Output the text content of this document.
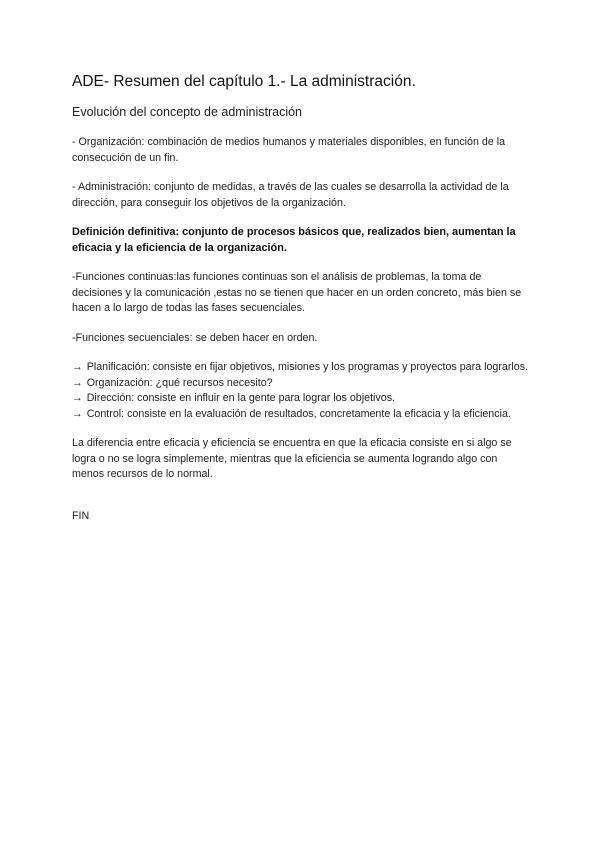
ADE- Resumen del capítulo 1.- La administración.
Evolución del concepto de administración

- Organización: combinación de medios humanos y materiales disponibles, en función de la consecución de un fin.

- Administración: conjunto de medidas, a través de las cuales se desarrolla la actividad de la dirección, para conseguir los objetivos de la organización.

Definición definitiva: conjunto de procesos básicos que, realizados bien, aumentan la eficacia y la eficiencia de la organización.

-Funciones continuas:las funciones continuas son el análisis de problemas, la toma de decisiones y la comunicación ,estas no se tienen que hacer en un orden concreto, más bien se hacen a lo largo de todas las fases secuenciales.

-Funciones secuenciales: se deben hacer en orden.

→ Planificación: consiste en fijar objetivos, misiones y los programas y proyectos para lograrlos.

→ Organización: ¿qué recursos necesito?

→ Dirección: consiste en influir en la gente para lograr los objetivos.

→ Control: consiste en la evaluación de resultados, concretamente la eficacia y la eficiencia.

La diferencia entre eficacia y eficiencia se encuentra en que la eficacia consiste en si algo se logra o no se logra simplemente, mientras que la eficiencia se aumenta logrando algo con menos recursos de lo normal.

FIN
